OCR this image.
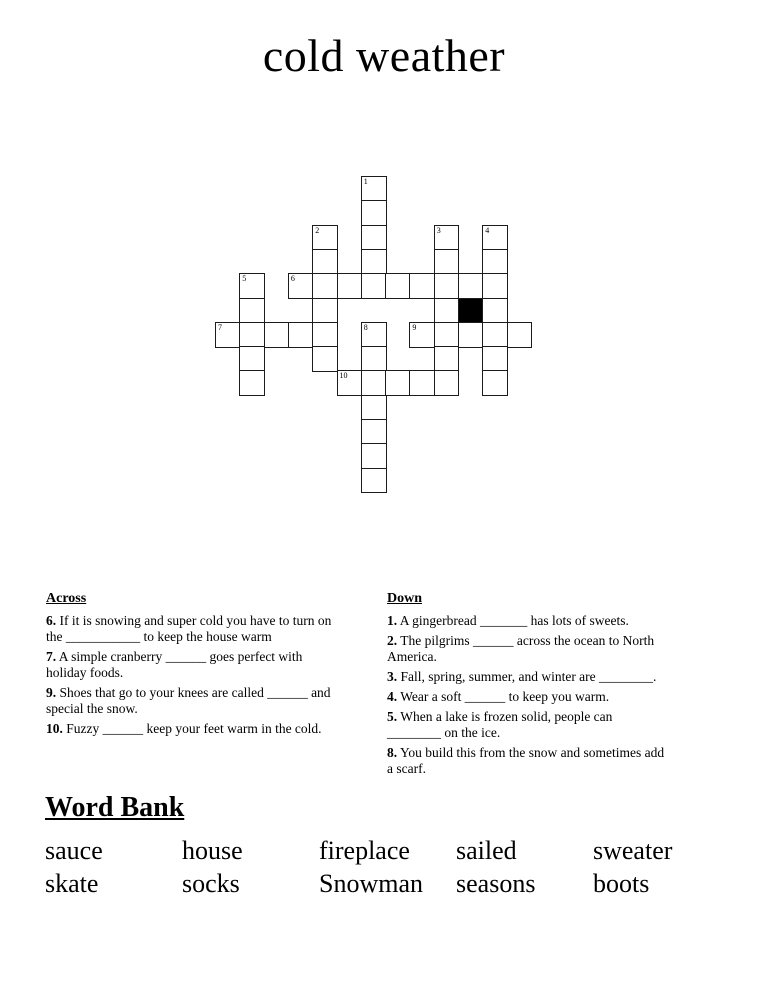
cold weather
1
2	3	4
5	6
7	8	9
10
Across

6. If it is snowing and super cold you have to turn on the ___________ to keep the house warm

7. A simple cranberry ______ goes perfect with holiday foods.

9. Shoes that go to your knees are called ______ and special the snow.

10. Fuzzy ______ keep your feet warm in the cold.

Down

1. A gingerbread _______ has lots of sweets.

2. The pilgrims ______ across the ocean to North America.

3. Fall, spring, summer, and winter are ________.

4. Wear a soft ______ to keep you warm.

5. When a lake is frozen solid, people can ________ on the ice.

8. You build this from the snow and sometimes add a scarf.

Word Bank
sauce	house	fireplace	sailed	sweater
skate	socks	Snowman	seasons	boots
